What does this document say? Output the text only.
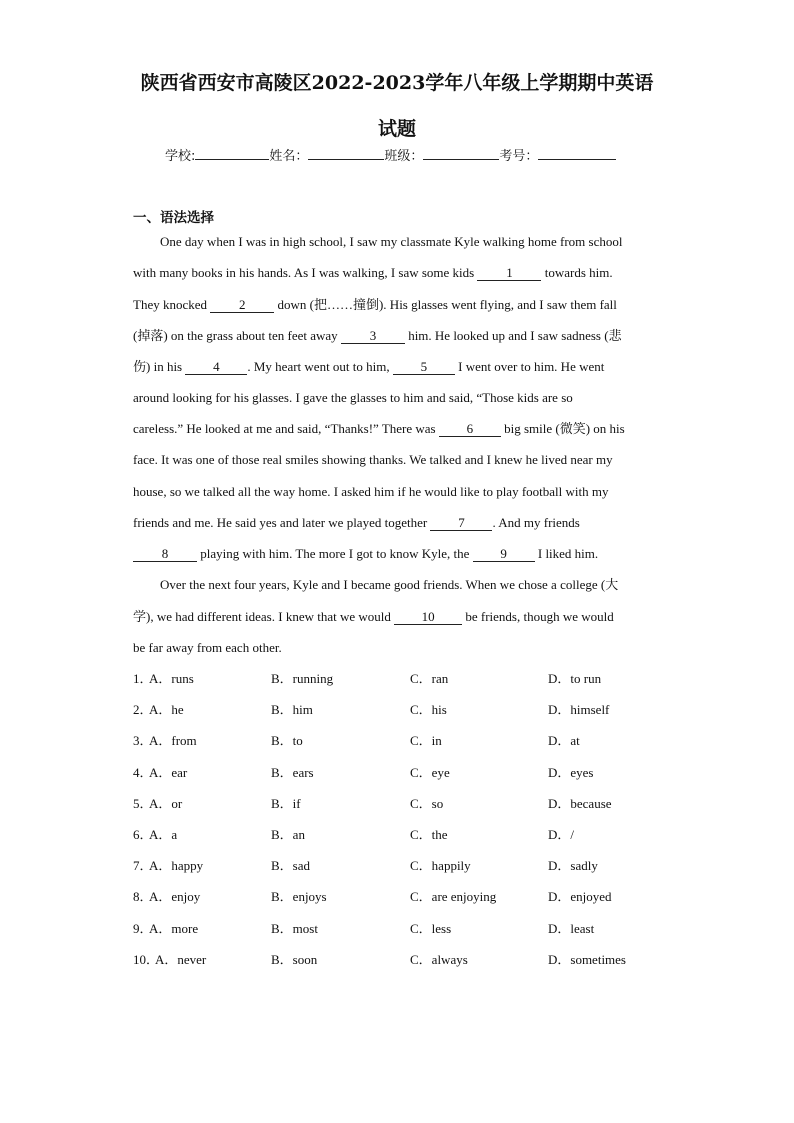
陕西省西安市高陵区2022-2023学年八年级上学期期中英语
试题
学校:	姓名：	班级：	考号：
一、语法选择
One day when I was in high school, I saw my classmate Kyle walking home from school
with many books in his hands. As I was walking, I saw some kids 1 towards him.
They knocked 2 down (把……撞倒). His glasses went flying, and I saw them fall
(掉落) on the grass about ten feet away 3 him. He looked up and I saw sadness (悲
伤) in his 4 . My heart went out to him, 5 I went over to him. He went
around looking for his glasses. I gave the glasses to him and said, “Those kids are so
careless.” He looked at me and said, “Thanks!” There was 6 big smile (微笑) on his
face. It was one of those real smiles showing thanks. We talked and I knew he lived near my
house, so we talked all the way home. I asked him if he would like to play football with my
friends and me. He said yes and later we played together 7 . And my friends
8 playing with him. The more I got to know Kyle, the 9 I liked him.
Over the next four years, Kyle and I became good friends. When we chose a college (大
学), we had different ideas. I knew that we would 10 be friends, though we would
be far away from each other.
1．
A．runs	B．running	C．ran	D．to run
2．
A．he	B．him	C．his	D．himself
3．
A．from	B．to	C．in	D．at
4．
A．ear	B．ears	C．eye	D．eyes
5．
A．or	B．if	C．so	D．because
6．
A．a	B．an	C．the	D．/
7．
A．happy	B．sad	C．happily	D．sadly
8．
A．enjoy	B．enjoys	C．are enjoying	D．enjoyed
9．
A．more	B．most	C．less	D．least
10．
A．never	B．soon	C．always	D．sometimes
